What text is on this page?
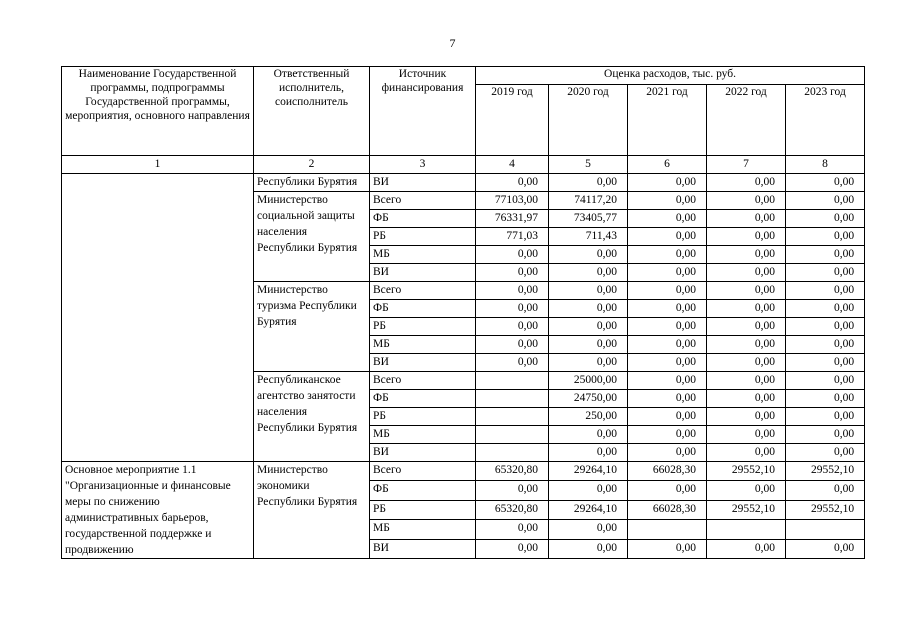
7
Наименование Государственной программы, подпрограммы Государственной программы, мероприятия, основного направления	Ответственный исполнитель, соисполнитель	Источник финансирования	Оценка расходов, тыс. руб.				
			2019 год	2020 год	2021 год	2022 год	2023 год
1	2	3	4	5	6	7	8
	Республики Бурятия	ВИ	0,00	0,00	0,00	0,00	0,00
	Министерство социальной защиты населения Республики Бурятия	Всего	77103,00	74117,20	0,00	0,00	0,00
		ФБ	76331,97	73405,77	0,00	0,00	0,00
		РБ	771,03	711,43	0,00	0,00	0,00
		МБ	0,00	0,00	0,00	0,00	0,00
		ВИ	0,00	0,00	0,00	0,00	0,00
	Министерство туризма Республики Бурятия	Всего	0,00	0,00	0,00	0,00	0,00
		ФБ	0,00	0,00	0,00	0,00	0,00
		РБ	0,00	0,00	0,00	0,00	0,00
		МБ	0,00	0,00	0,00	0,00	0,00
		ВИ	0,00	0,00	0,00	0,00	0,00
	Республиканское агентство занятости населения Республики Бурятия	Всего		25000,00	0,00	0,00	0,00
		ФБ		24750,00	0,00	0,00	0,00
		РБ		250,00	0,00	0,00	0,00
		МБ		0,00	0,00	0,00	0,00
		ВИ		0,00	0,00	0,00	0,00
Основное мероприятие 1.1 "Организационные и финансовые меры по снижению административных барьеров, государственной поддержке и продвижению	Министерство экономики Республики Бурятия	Всего	65320,80	29264,10	66028,30	29552,10	29552,10
		ФБ	0,00	0,00	0,00	0,00	0,00
		РБ	65320,80	29264,10	66028,30	29552,10	29552,10
		МБ	0,00	0,00			
		ВИ	0,00	0,00	0,00	0,00	0,00
